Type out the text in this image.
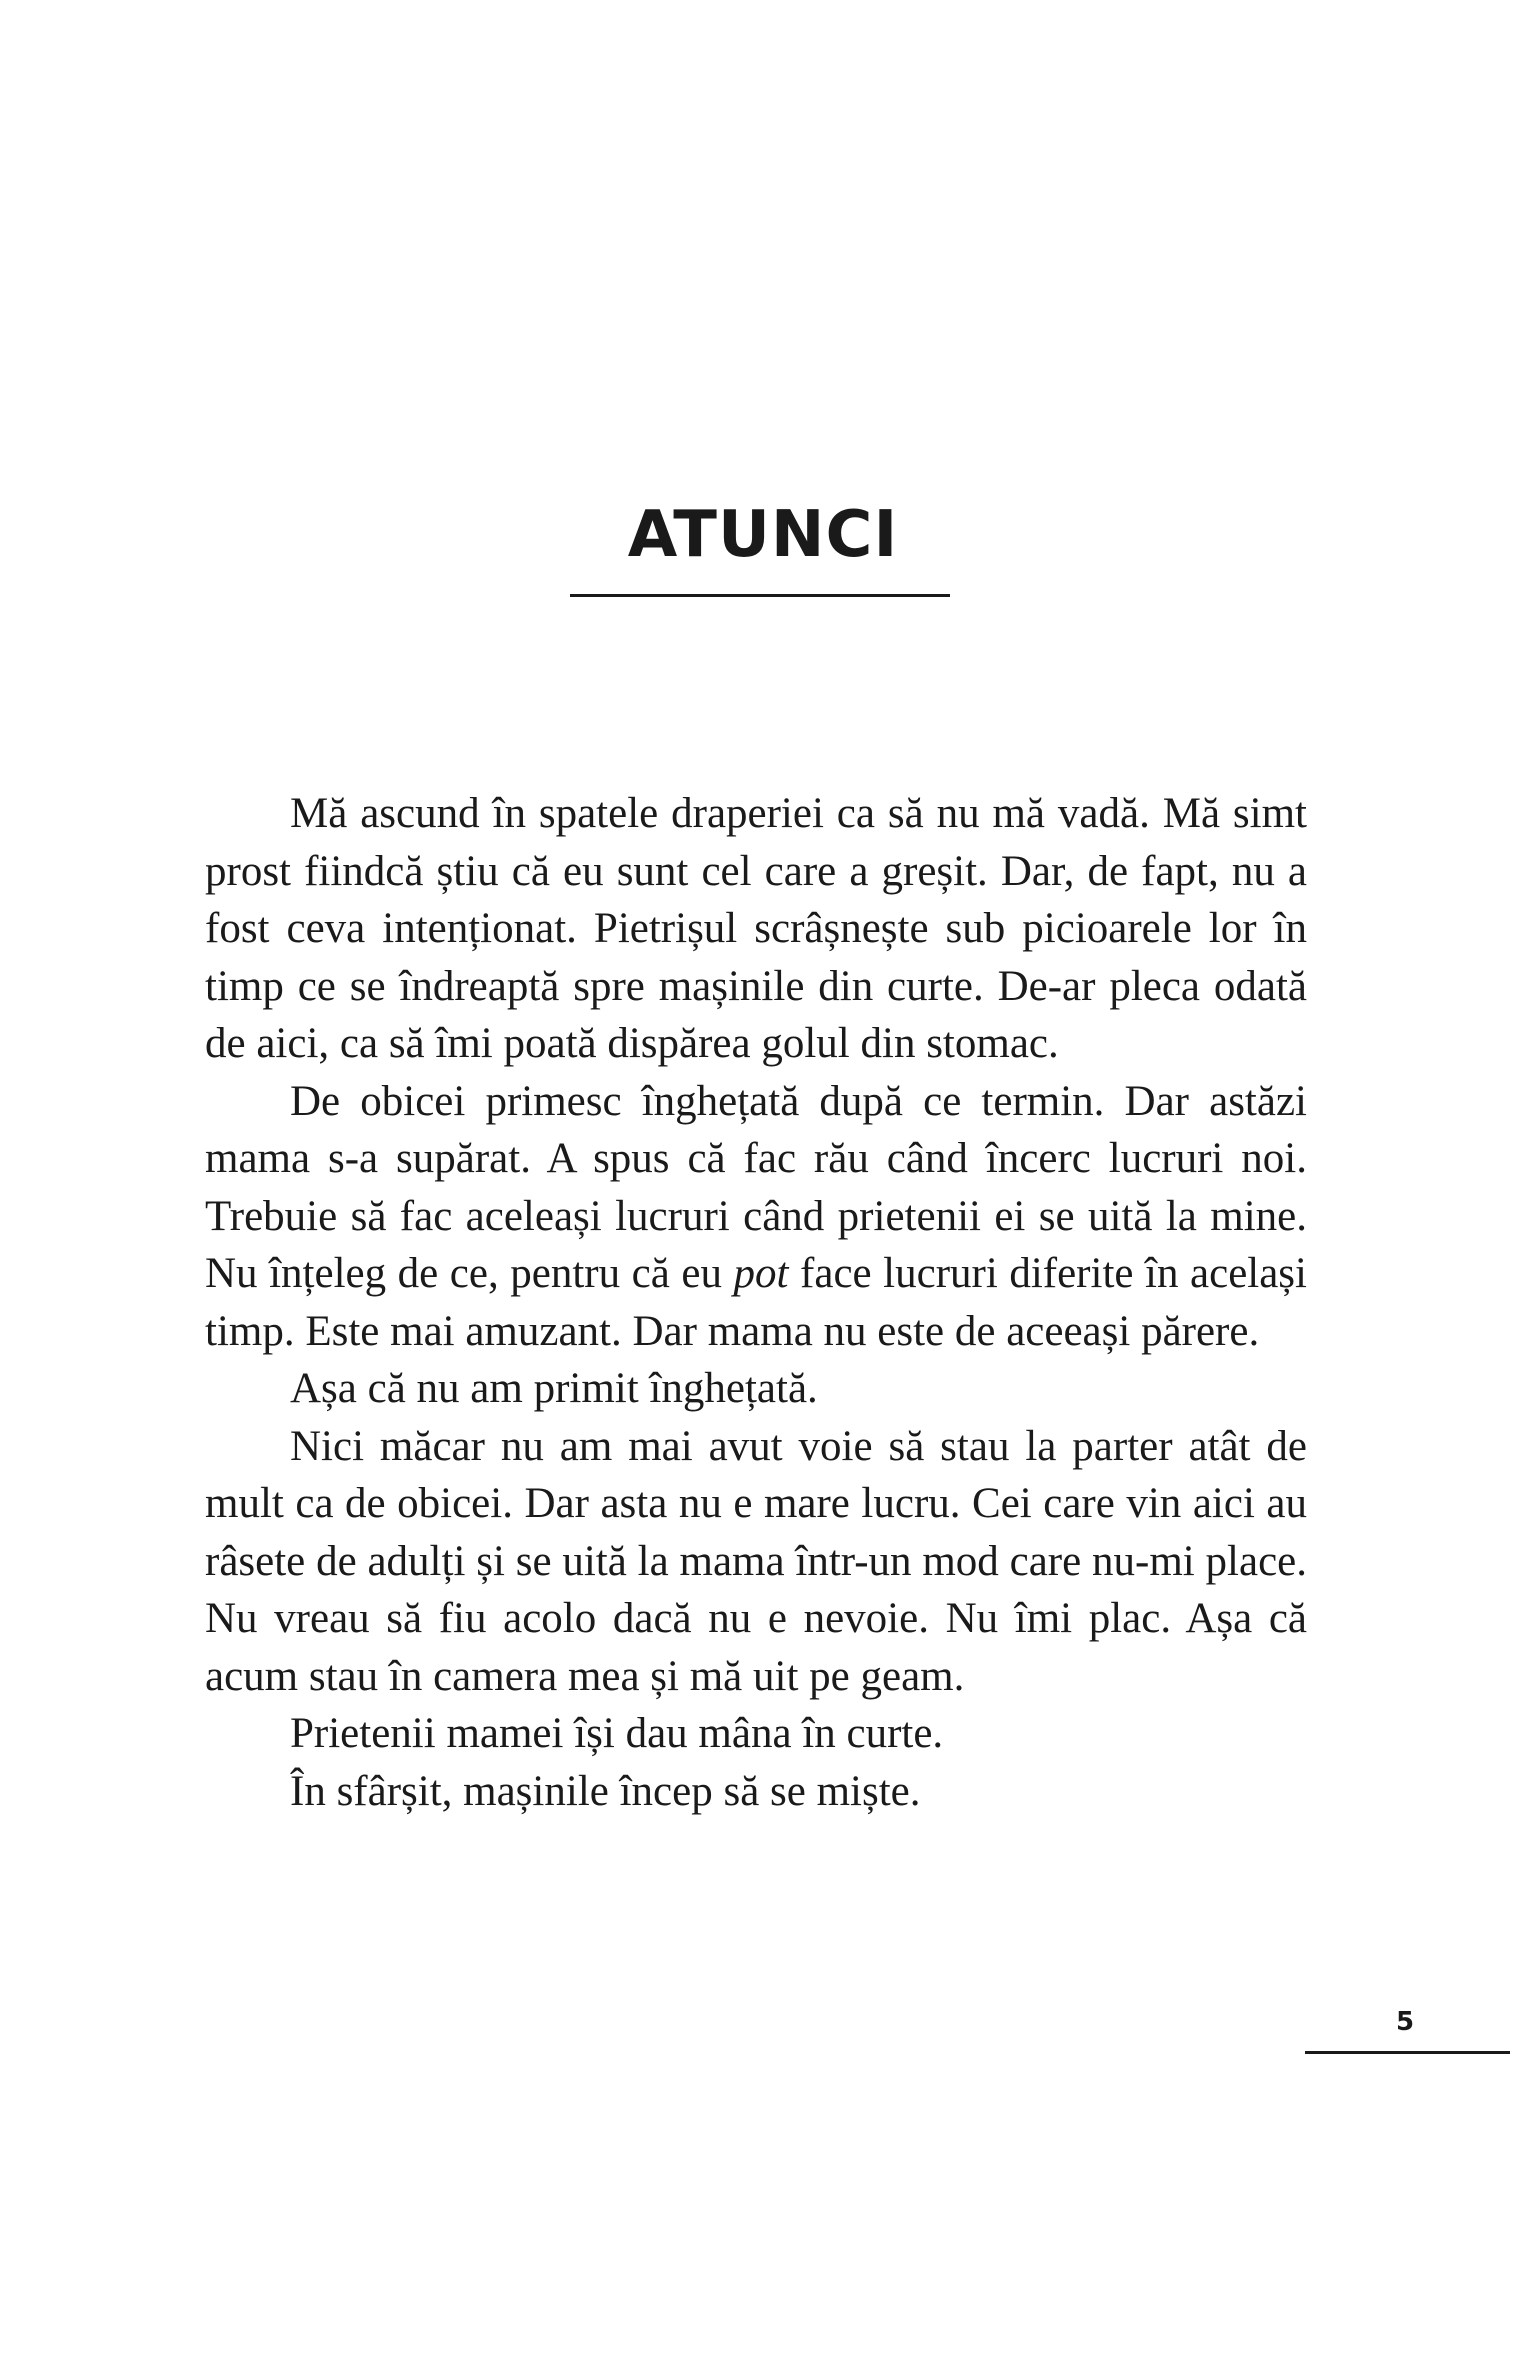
ATUNCI

Mă ascund în spatele draperiei ca să nu mă vadă. Mă simt prost fiindcă știu că eu sunt cel care a greșit. Dar, de fapt, nu a fost ceva intenționat. Pietrișul scrâșnește sub picioarele lor în timp ce se îndreaptă spre mașinile din curte. De-ar pleca odată de aici, ca să îmi poată dispărea golul din stomac.

De obicei primesc înghețată după ce termin. Dar astăzi mama s-a supărat. A spus că fac rău când încerc lucruri noi. Trebuie să fac aceleași lucruri când prietenii ei se uită la mine. Nu înțeleg de ce, pentru că eu pot face lucruri diferite în același timp. Este mai amuzant. Dar mama nu este de aceeași părere.

Așa că nu am primit înghețată.

Nici măcar nu am mai avut voie să stau la parter atât de mult ca de obicei. Dar asta nu e mare lucru. Cei care vin aici au râsete de adulți și se uită la mama într-un mod care nu-mi place. Nu vreau să fiu acolo dacă nu e nevoie. Nu îmi plac. Așa că acum stau în camera mea și mă uit pe geam.

Prietenii mamei își dau mâna în curte.

În sfârșit, mașinile încep să se miște.

5
